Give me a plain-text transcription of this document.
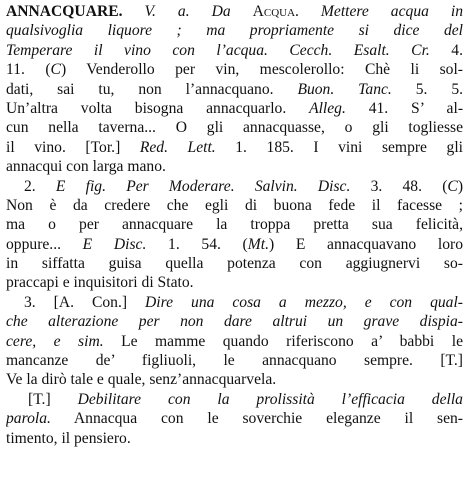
ANNACQUARE. V. a. Da Acqua. Mettere acqua in
qualsivoglia liquore ; ma propriamente si dice del
Temperare il vino con l’acqua. Cecch. Esalt. Cr. 4.
11. (C) Venderollo per vin, mescolerollo: Chè li sol-
dati, sai tu, non l’annacquano. Buon. Tanc. 5. 5.
Un’altra volta bisogna annacquarlo. Alleg. 41. S’ al-
cun nella taverna... O gli annacquasse, o gli togliesse
il vino. [Tor.] Red. Lett. 1. 185. I vini sempre gli
annacqui con larga mano.
2. E fig. Per Moderare. Salvin. Disc. 3. 48. (C)
Non è da credere che egli di buona fede il facesse ;
ma o per annacquare la troppa pretta sua felicità,
oppure... E Disc. 1. 54. (Mt.) E annacquavano loro
in siffatta guisa quella potenza con aggiugnervi so-
praccapi e inquisitori di Stato.
3. [A. Con.] Dire una cosa a mezzo, e con qual-
che alterazione per non dare altrui un grave dispia-
cere, e sim. Le mamme quando riferiscono a’ babbi le
mancanze de’ figliuoli, le annacquano sempre. [T.]
Ve la dirò tale e quale, senz’annacquarvela.
[T.] Debilitare con la prolissità l’efficacia della
parola. Annacqua con le soverchie eleganze il sen-
timento, il pensiero.
